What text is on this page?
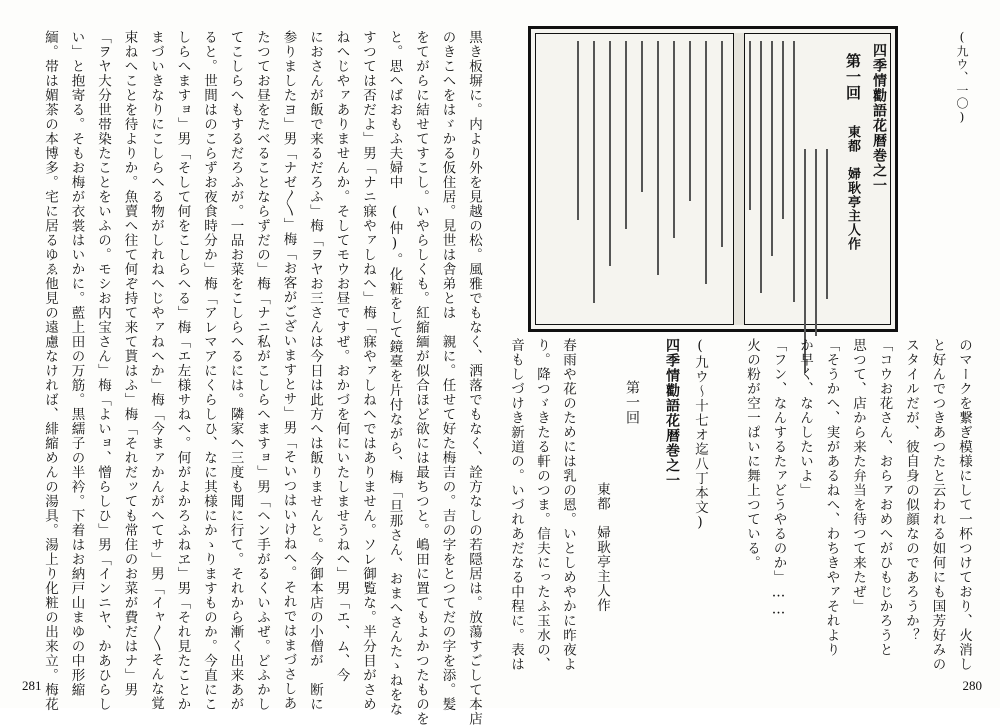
黒き板塀に。内より外を見越の松。風雅でもなく、洒落でもなく、詮方なしの若隠居は。放蕩すごして本店
のきこへをはゞかる仮住居。見世は舎弟とは　親に。任せて好た梅吉の。吉の字をとつてだの字を添。髪
をてがらに結せてすこし。いやらしくも。紅縮緬が似合ほど欲には最ちつと。嶋田に置てもよかつたものを
と。思へばおもふ夫婦中　(仲)。化粧をして鏡臺を片付ながら、梅「旦那さん、おまへさんたゝねをな
すつては否だよ」男「ナニ寐やァしねへ」梅「寐やァしねへではありません。ソレ御覧な。半分目がさめ
ねへじやァありませんか。そしてモウお昼ですぜ。おかづを何にいたしませうねへ」男「エ、ム、今
におさんが飯で来るだろふ」梅「ヲヤお三さんは今日は此方へは飯りませんと。今御本店の小僧が　断に
参りましたヨ」男「ナゼ〳〵」梅「お客がございますとサ」男「そいつはいけねへ。それではまづさしあ
たつてお昼をたべることならずだの」梅「ナニ私がこしらへますョ」男「ヘン手がるくいふぜ。どふかし
てこしらへもするだろふが。一品お菜をこしらへるには。隣家へ三度も聞に行て。それから漸く出来あが
ると。世間はのこらずお夜食時分か」梅「アレマアにくらしひ、なに其様にかゝりますものか。今直にこ
しらへますョ」男「そして何をこしらへる」梅「エ左様サねへ。何がよかろふねヱ」男「それ見たことか
まづいきなりにこしらへる物がしれねへじやァねへか」梅「今まァかんがへてサ」男「イャ〳〵そんな覚
束ねへことを待よりか。魚賣へ往て何ぞ持て来て貰はふ」梅「それだッても常住のお菜が費だはナ」男
「ヲヤ大分世帯染たことをいふの。モシお内宝さん」梅「よいョ、憎らしひ」男「インニヤ、かあひらし
い」と抱寄る。そもお梅が衣裳はいかに。藍上田の万筋。黒繻子の半衿。下着はお納戸山まゆの中形縮
緬。帯は媚茶の本博多。宅に居るゆゑ他見の遠慮なければ、緋縮めんの湯具。湯上り化粧の出来立。梅花
281
四季情勸語花暦巻之一
第一回
東都　婦耿亭主人作
(九ウ、一〇)
のマークを繋ぎ模様にして一杯つけており、火消し
と好んでつきあつたと云われる如何にも国芳好みの
スタイルだが、彼自身の似顔なのであろうか？
「コウお花さん、おらァおめへがひもじかろうと
思つて、店から来た弁当を待つて来たぜ」
「そうかへ、実があるねへ、わちきやァそれより
か早く、なんしたいよ」
「フン、なんするたァどうやるのか」……
火の粉が空一ぱいに舞上つている。
(九ウ〜十七オ迄八丁本文)
四季情勸語花暦巻之一
第一回
東都　婦耿亭主人作
春雨や花のためには乳の恩。いとしめやかに昨夜よ
り。降つゞきたる軒のつま。信夫にったふ玉水の、
音もしづけき新道の。いづれあだなる中程に。表は
280
